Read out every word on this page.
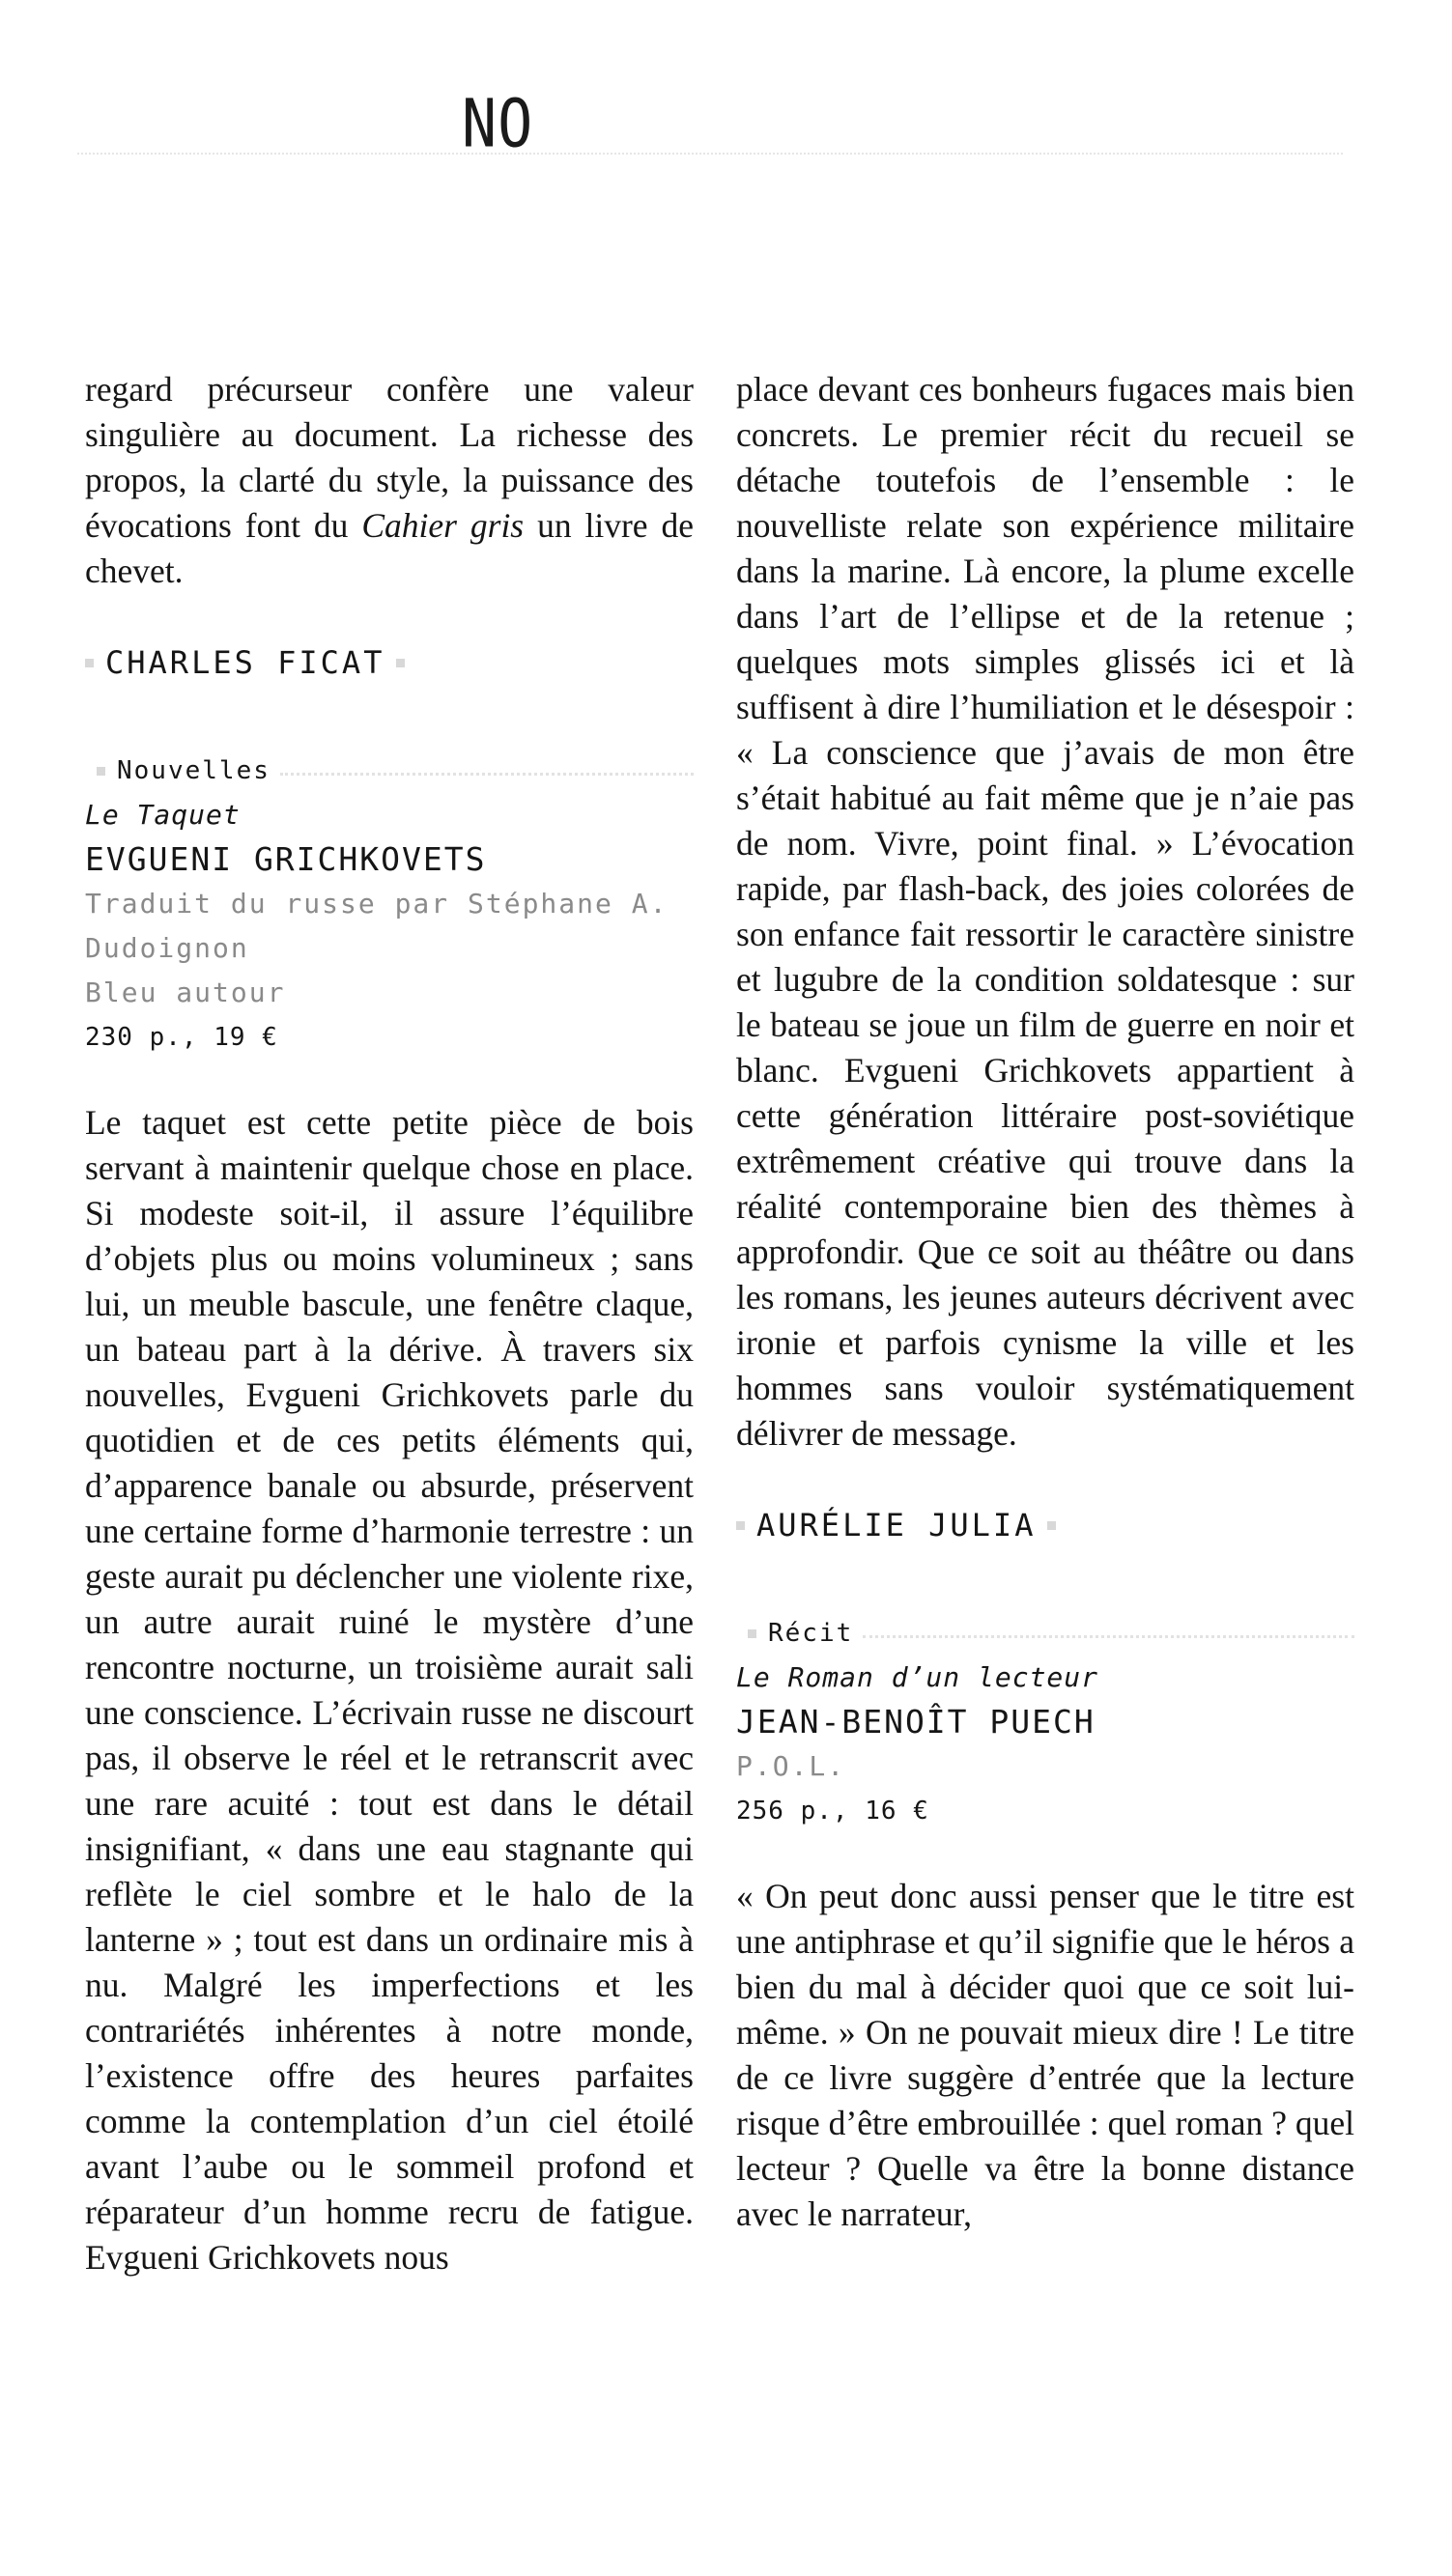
NO

regard précurseur confère une valeur singulière au document. La richesse des propos, la clarté du style, la puissance des évocations font du Cahier gris un livre de chevet.

CHARLES FICAT
Nouvelles
Le Taquet
EVGUENI GRICHKOVETS
Traduit du russe par Stéphane A. Dudoignon
Bleu autour
230 p., 19 €

Le taquet est cette petite pièce de bois servant à maintenir quelque chose en place. Si modeste soit-il, il assure l’équilibre d’objets plus ou moins volumineux ; sans lui, un meuble bascule, une fenêtre claque, un bateau part à la dérive. À travers six nouvelles, Evgueni Grichkovets parle du quotidien et de ces petits éléments qui, d’apparence banale ou absurde, préservent une certaine forme d’harmonie terrestre : un geste aurait pu déclencher une violente rixe, un autre aurait ruiné le mystère d’une rencontre nocturne, un troisième aurait sali une conscience. L’écrivain russe ne discourt pas, il observe le réel et le retranscrit avec une rare acuité : tout est dans le détail insignifiant, « dans une eau stagnante qui reflète le ciel sombre et le halo de la lanterne » ; tout est dans un ordinaire mis à nu. Malgré les imperfections et les contrariétés inhérentes à notre monde, l’existence offre des heures parfaites comme la contemplation d’un ciel étoilé avant l’aube ou le sommeil profond et réparateur d’un homme recru de fatigue. Evgueni Grichkovets nous

place devant ces bonheurs fugaces mais bien concrets. Le premier récit du recueil se détache toutefois de l’ensemble : le nouvelliste relate son expérience militaire dans la marine. Là encore, la plume excelle dans l’art de l’ellipse et de la retenue ; quelques mots simples glissés ici et là suffisent à dire l’humiliation et le désespoir : « La conscience que j’avais de mon être s’était habitué au fait même que je n’aie pas de nom. Vivre, point final. » L’évocation rapide, par flash-back, des joies colorées de son enfance fait ressortir le caractère sinistre et lugubre de la condition soldatesque : sur le bateau se joue un film de guerre en noir et blanc. Evgueni Grichkovets appartient à cette génération littéraire post-soviétique extrêmement créative qui trouve dans la réalité contemporaine bien des thèmes à approfondir. Que ce soit au théâtre ou dans les romans, les jeunes auteurs décrivent avec ironie et parfois cynisme la ville et les hommes sans vouloir systématiquement délivrer de message.

AURÉLIE JULIA
Récit
Le Roman d’un lecteur
JEAN-BENOÎT PUECH
P.O.L.
256 p., 16 €

« On peut donc aussi penser que le titre est une antiphrase et qu’il signifie que le héros a bien du mal à décider quoi que ce soit lui-même. » On ne pouvait mieux dire ! Le titre de ce livre suggère d’entrée que la lecture risque d’être embrouillée : quel roman ? quel lecteur ? Quelle va être la bonne distance avec le narrateur,
